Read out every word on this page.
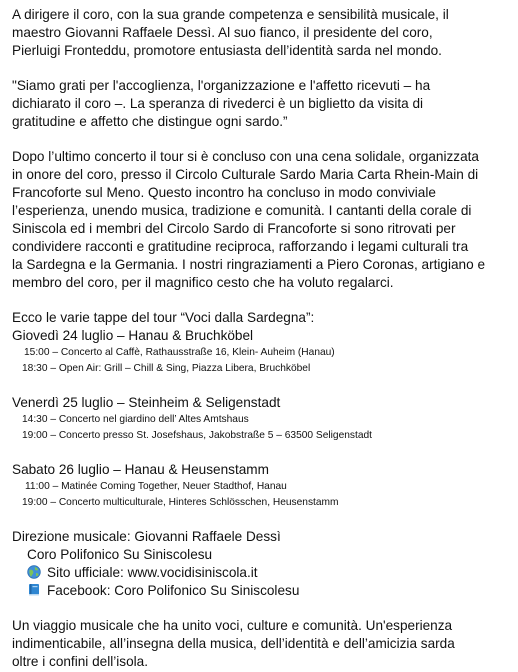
A dirigere il coro, con la sua grande competenza e sensibilità musicale, il

maestro Giovanni Raffaele Dessì. Al suo fianco, il presidente del coro,

Pierluigi Fronteddu, promotore entusiasta dell’identità sarda nel mondo.

"Siamo grati per l'accoglienza, l'organizzazione e l'affetto ricevuti – ha

dichiarato il coro –. La speranza di rivederci è un biglietto da visita di

gratitudine e affetto che distingue ogni sardo.”

Dopo l’ultimo concerto il tour si è concluso con una cena solidale, organizzata

in onore del coro, presso il Circolo Culturale Sardo Maria Carta Rhein-Main di

Francoforte sul Meno. Questo incontro ha concluso in modo conviviale

l’esperienza, unendo musica, tradizione e comunità. I cantanti della corale di

Siniscola ed i membri del Circolo Sardo di Francoforte si sono ritrovati per

condividere racconti e gratitudine reciproca, rafforzando i legami culturali tra

la Sardegna e la Germania. I nostri ringraziamenti a Piero Coronas, artigiano e

membro del coro, per il magnifico cesto che ha voluto regalarci.

Ecco le varie tappe del tour “Voci dalla Sardegna”:

Giovedì 24 luglio – Hanau & Bruchköbel

15:00 – Concerto al Caffè, Rathausstraße 16, Klein- Auheim (Hanau)

18:30 – Open Air: Grill – Chill & Sing, Piazza Libera, Bruchköbel

Venerdì 25 luglio – Steinheim & Seligenstadt

14:30 – Concerto nel giardino dell’ Altes Amtshaus

19:00 – Concerto presso St. Josefshaus, Jakobstraße 5 – 63500 Seligenstadt

Sabato 26 luglio – Hanau & Heusenstamm

11:00 – Matinée Coming Together, Neuer Stadthof, Hanau

19:00 – Concerto multiculturale, Hinteres Schlösschen, Heusenstamm

Direzione musicale: Giovanni Raffaele Dessì

Coro Polifonico Su Siniscolesu

Sito ufficiale: www.vocidisiniscola.it

Facebook: Coro Polifonico Su Siniscolesu

Un viaggio musicale che ha unito voci, culture e comunità. Un'esperienza

indimenticabile, all’insegna della musica, dell’identità e dell’amicizia sarda

oltre i confini dell’isola.
